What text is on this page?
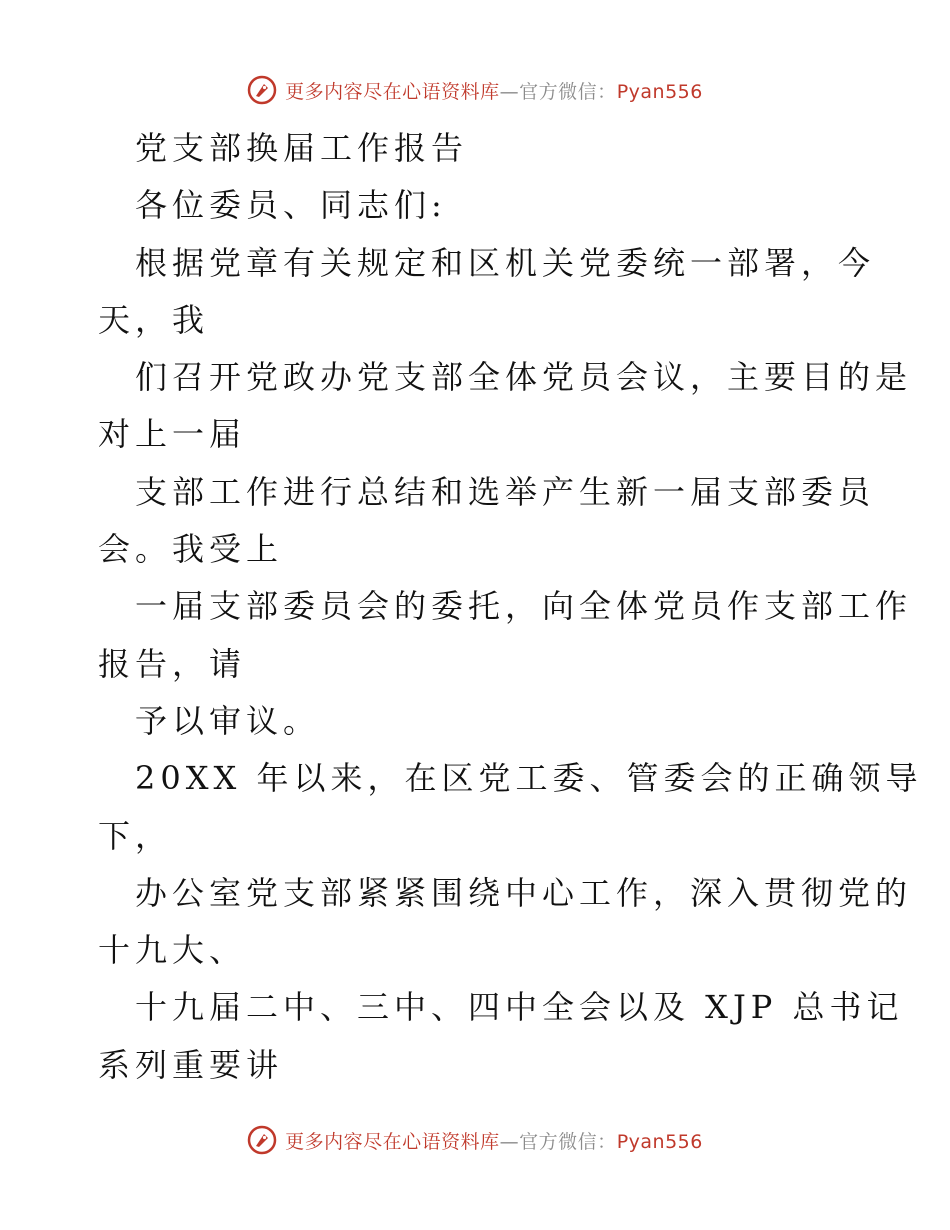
更多内容尽在心语资料库—官方微信：Pyan556
党支部换届工作报告
各位委员、同志们:
根据党章有关规定和区机关党委统一部署，今
天，我
们召开党政办党支部全体党员会议，主要目的是
对上一届
支部工作进行总结和选举产生新一届支部委员
会。我受上
一届支部委员会的委托，向全体党员作支部工作
报告，请
予以审议。
20XX 年以来，在区党工委、管委会的正确领导
下，
办公室党支部紧紧围绕中心工作，深入贯彻党的
十九大、
十九届二中、三中、四中全会以及 XJP 总书记
系列重要讲
更多内容尽在心语资料库—官方微信：Pyan556
